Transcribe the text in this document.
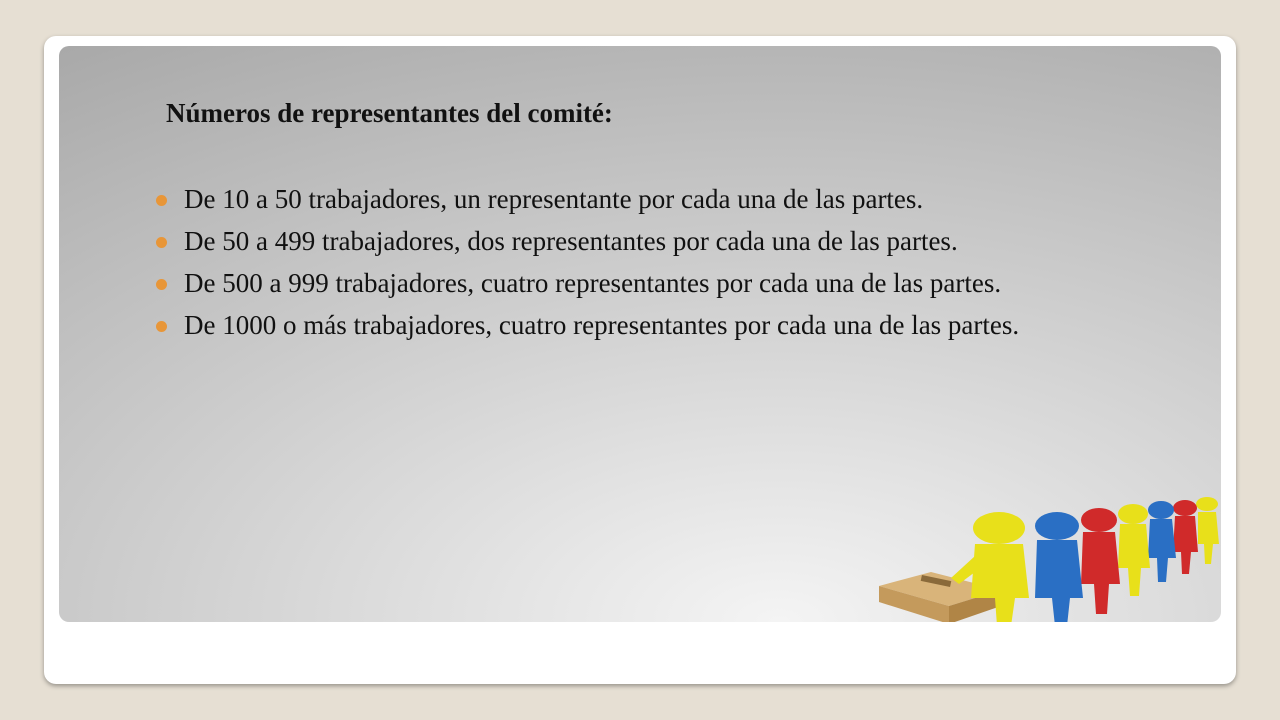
Números de representantes del comité:
De 10 a 50 trabajadores, un representante por cada una de las partes.
De 50 a 499 trabajadores, dos representantes por cada una de las partes.
De 500 a 999 trabajadores, cuatro representantes por cada una de las partes.
De 1000 o más trabajadores, cuatro representantes por cada una de las partes.
